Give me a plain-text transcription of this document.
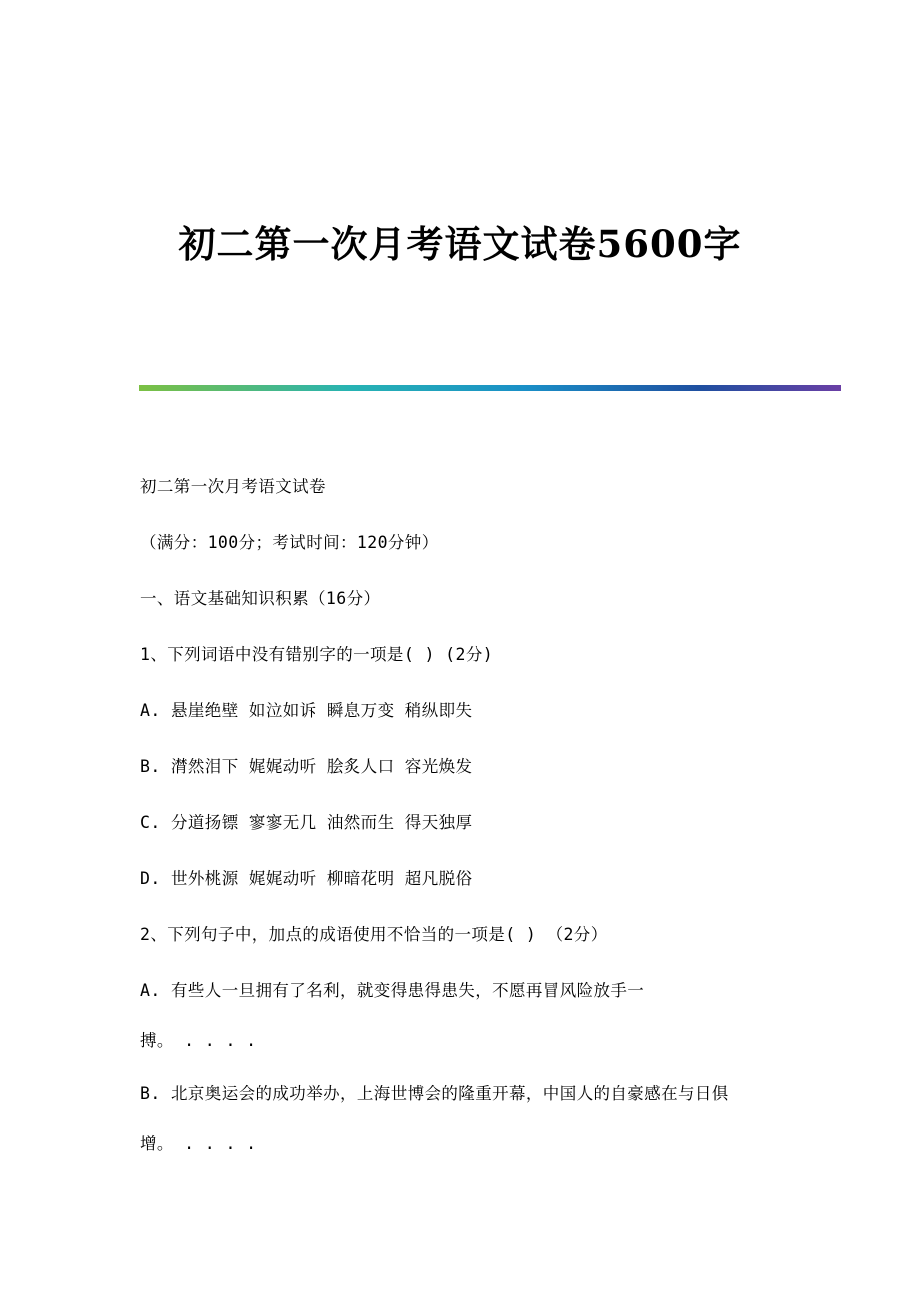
初二第一次月考语文试卷5600字
初二第一次月考语文试卷
（满分：100分；考试时间：120分钟）
一、语文基础知识积累（16分）
1、下列词语中没有错别字的一项是( ) (2分)
A. 悬崖绝壁 如泣如诉 瞬息万变 稍纵即失
B. 潸然泪下 娓娓动听 脍炙人口 容光焕发
C. 分道扬镖 寥寥无几 油然而生 得天独厚
D. 世外桃源 娓娓动听 柳暗花明 超凡脱俗
2、下列句子中，加点的成语使用不恰当的一项是( ) （2分）
A. 有些人一旦拥有了名利，就变得患得患失，不愿再冒风险放手一
搏。 . . . .
B. 北京奥运会的成功举办，上海世博会的隆重开幕，中国人的自豪感在与日俱
增。 . . . .
